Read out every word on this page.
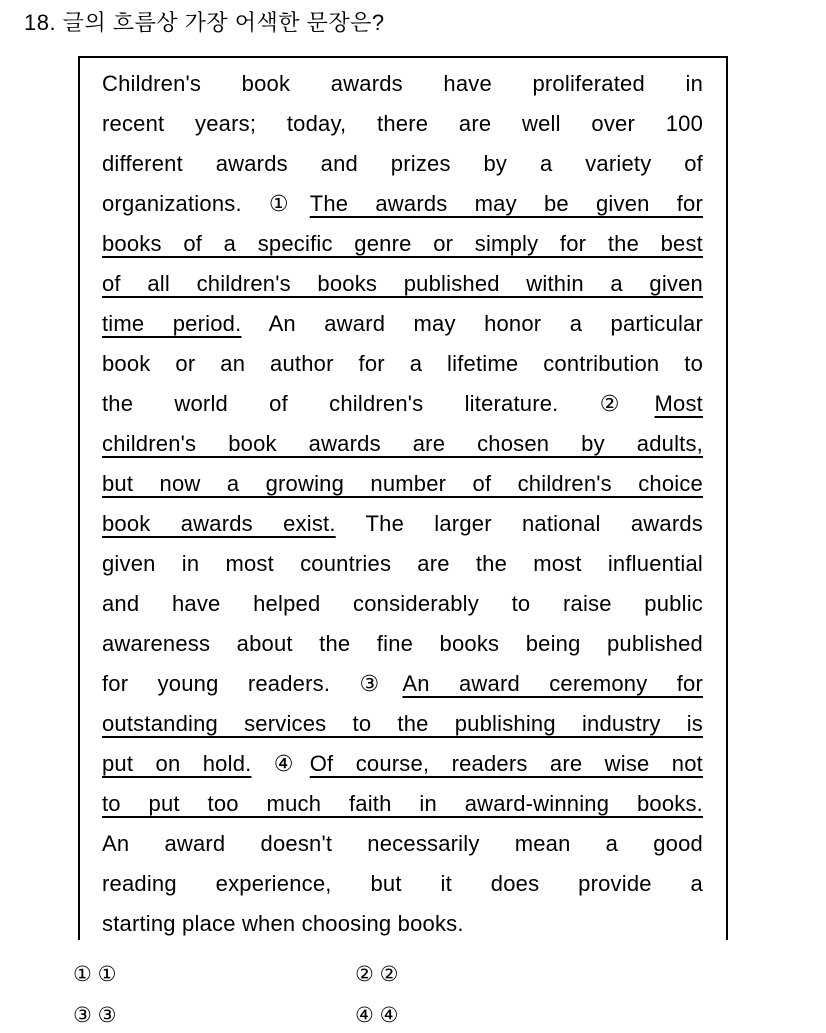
18. 글의 흐름상 가장 어색한 문장은?
Children's book awards have proliferated in
recent years; today, there are well over 100
different awards and prizes by a variety of
organizations. ①The awards may be given for
books of a specific genre or simply for the best
of all children's books published within a given
time period. An award may honor a particular
book or an author for a lifetime contribution to
the world of children's literature. ②Most
children's book awards are chosen by adults,
but now a growing number of children's choice
book awards exist. The larger national awards
given in most countries are the most influential
and have helped considerably to raise public
awareness about the fine books being published
for young readers. ③An award ceremony for
outstanding services to the publishing industry is
put on hold. ④Of course, readers are wise not
to put too much faith in award-winning books.
An award doesn't necessarily mean a good
reading experience, but it does provide a
starting place when choosing books.
① ①	② ②
③ ③	④ ④
